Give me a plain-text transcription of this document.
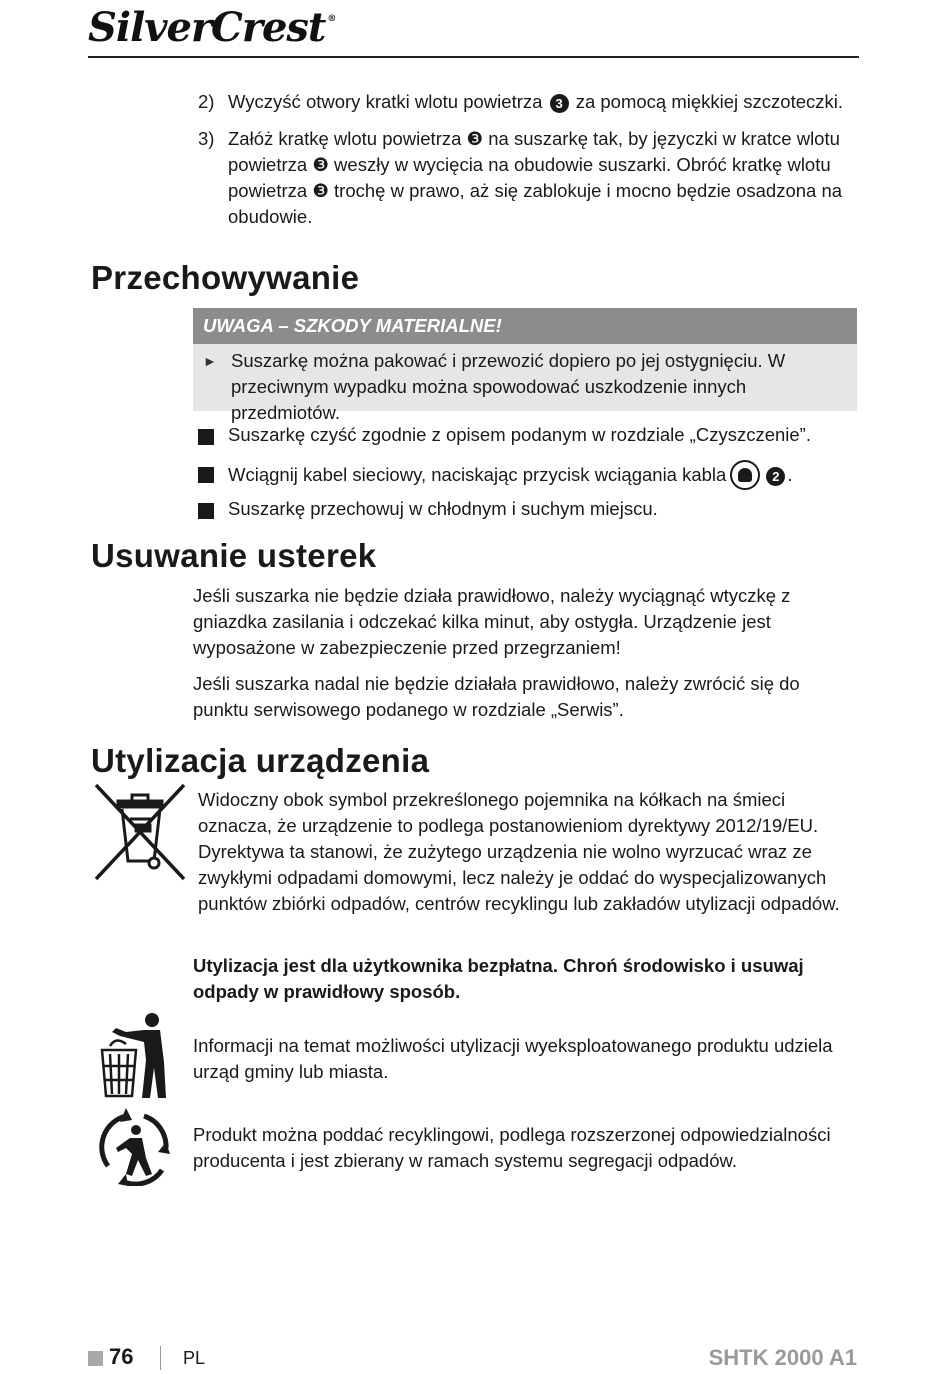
SilverCrest ®
2) Wyczyść otwory kratki wlotu powietrza 3 za pomocą miękkiej szczoteczki.
3) Załóż kratkę wlotu powietrza ❸ na suszarkę tak, by języczki w kratce wlotu powietrza ❸ weszły w wycięcia na obudowie suszarki. Obróć kratkę wlotu powietrza ❸ trochę w prawo, aż się zablokuje i mocno będzie osadzona na obudowie.
Przechowywanie
UWAGA – SZKODY MATERIALNE!
► Suszarkę można pakować i przewozić dopiero po jej ostygnięciu. W przeciwnym wypadku można spowodować uszkodzenie innych przedmiotów.
Suszarkę czyść zgodnie z opisem podanym w rozdziale „Czyszczenie”.
Wciągnij kabel sieciowy, naciskając przycisk wciągania kabla	2 .
Suszarkę przechowuj w chłodnym i suchym miejscu.
Usuwanie usterek
Jeśli suszarka nie będzie działa prawidłowo, należy wyciągnąć wtyczkę z gniazdka zasilania i odczekać kilka minut, aby ostygła. Urządzenie jest wyposażone w zabezpieczenie przed przegrzaniem!
Jeśli suszarka nadal nie będzie działała prawidłowo, należy zwrócić się do punktu serwisowego podanego w rozdziale „Serwis”.
Utylizacja urządzenia
Widoczny obok symbol przekreślonego pojemnika na kółkach na śmieci oznacza, że urządzenie to podlega postanowieniom dyrektywy 2012/19/EU. Dyrektywa ta stanowi, że zużytego urządzenia nie wolno wyrzucać wraz ze zwykłymi odpadami domowymi, lecz należy je oddać do wyspecjalizowanych punktów zbiórki odpadów, centrów recyklingu lub zakładów utylizacji odpadów.
Utylizacja jest dla użytkownika bezpłatna. Chroń środowisko i usuwaj odpady w prawidłowy sposób.
Informacji na temat możliwości utylizacji wyeksploatowanego produktu udziela urząd gminy lub miasta.
Produkt można poddać recyklingowi, podlega rozszerzonej odpowiedzialności producenta i jest zbierany w ramach systemu segregacji odpadów.
76	PL	SHTK 2000 A1
